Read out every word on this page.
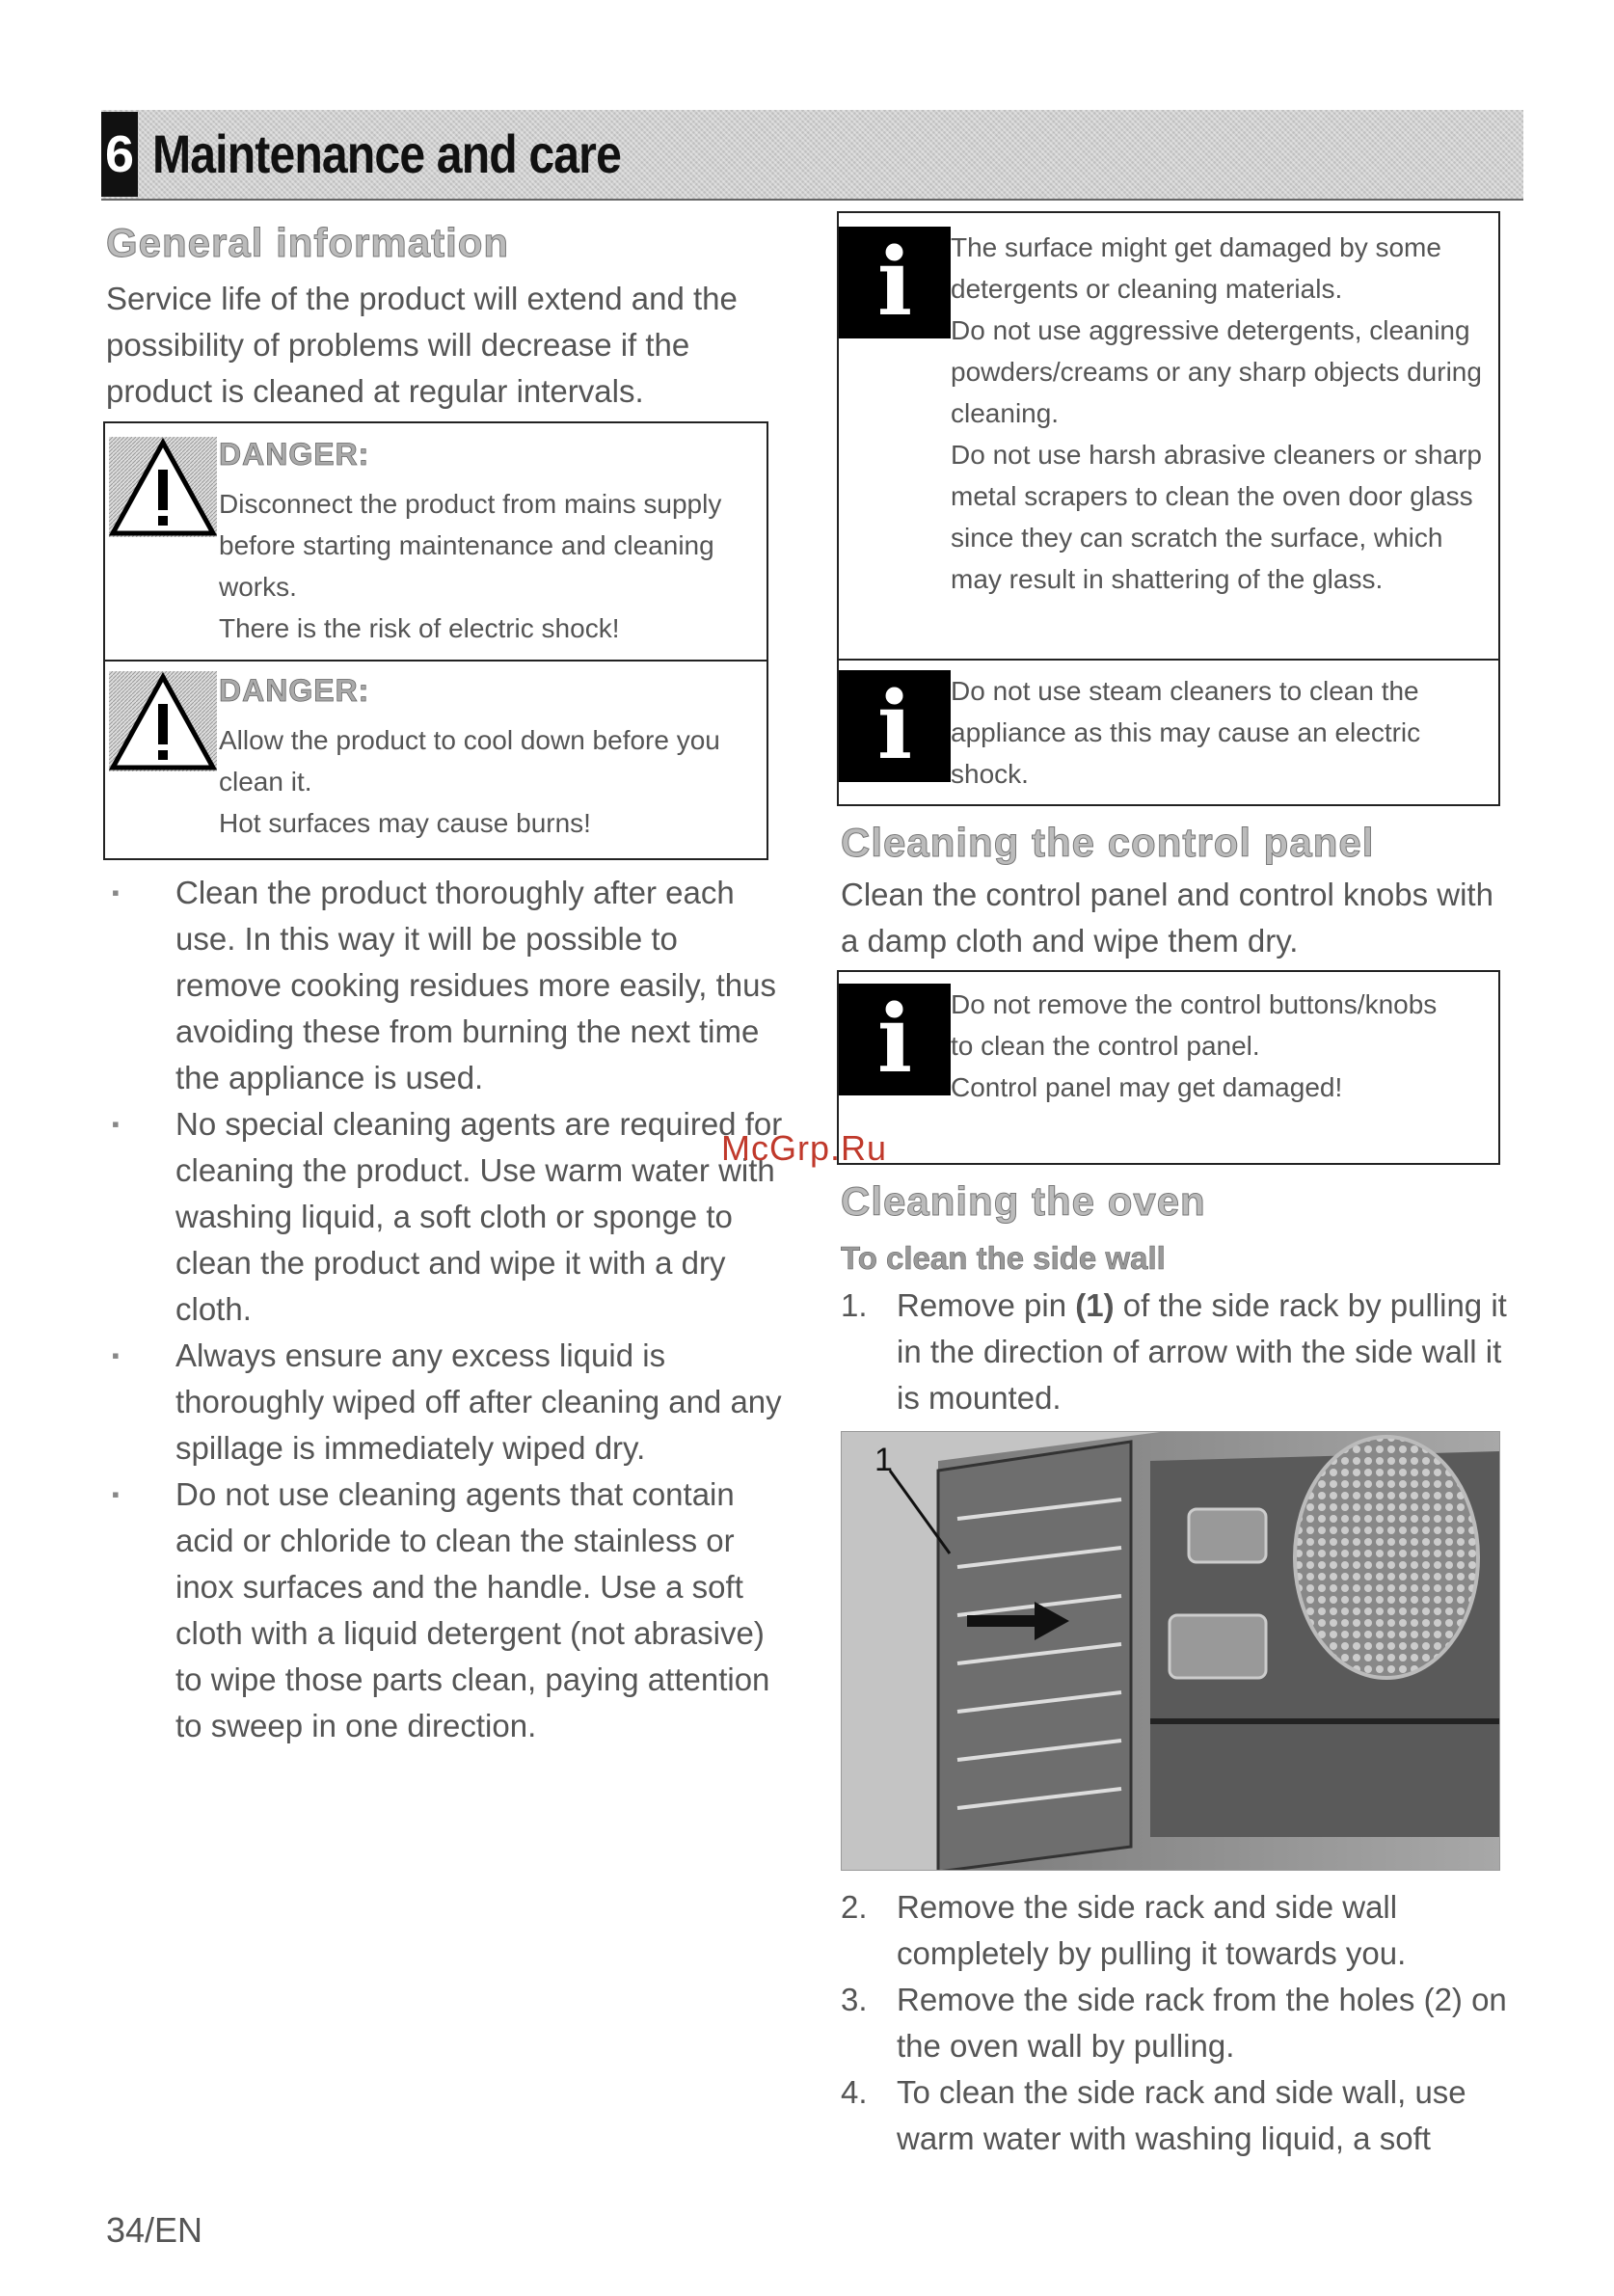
6 Maintenance and care
General information
Service life of the product will extend and the possibility of problems will decrease if the product is cleaned at regular intervals.
DANGER:
Disconnect the product from mains supply before starting maintenance and cleaning works.
There is the risk of electric shock!
DANGER:
Allow the product to cool down before you clean it.
Hot surfaces may cause burns!
▪ Clean the product thoroughly after each use. In this way it will be possible to remove cooking residues more easily, thus avoiding these from burning the next time the appliance is used.
▪ No special cleaning agents are required for cleaning the product. Use warm water with washing liquid, a soft cloth or sponge to clean the product and wipe it with a dry cloth.
▪ Always ensure any excess liquid is thoroughly wiped off after cleaning and any spillage is immediately wiped dry.
▪ Do not use cleaning agents that contain acid or chloride to clean the stainless or inox surfaces and the handle. Use a soft cloth with a liquid detergent (not abrasive) to wipe those parts clean, paying attention to sweep in one direction.
i	The surface might get damaged by some detergents or cleaning materials.
Do not use aggressive detergents, cleaning powders/creams or any sharp objects during cleaning.
Do not use harsh abrasive cleaners or sharp metal scrapers to clean the oven door glass since they can scratch the surface, which may result in shattering of the glass.
i	Do not use steam cleaners to clean the appliance as this may cause an electric shock.
Cleaning the control panel
Clean the control panel and control knobs with a damp cloth and wipe them dry.
i	Do not remove the control buttons/knobs to clean the control panel.
Control panel may get damaged!
Cleaning the oven
To clean the side wall
1. Remove pin (1) of the side rack by pulling it in the direction of arrow with the side wall it is mounted.
1
2. Remove the side rack and side wall completely by pulling it towards you.
3. Remove the side rack from the holes (2) on the oven wall by pulling.
4. To clean the side rack and side wall, use warm water with washing liquid, a soft
McGrp.Ru
34/EN
